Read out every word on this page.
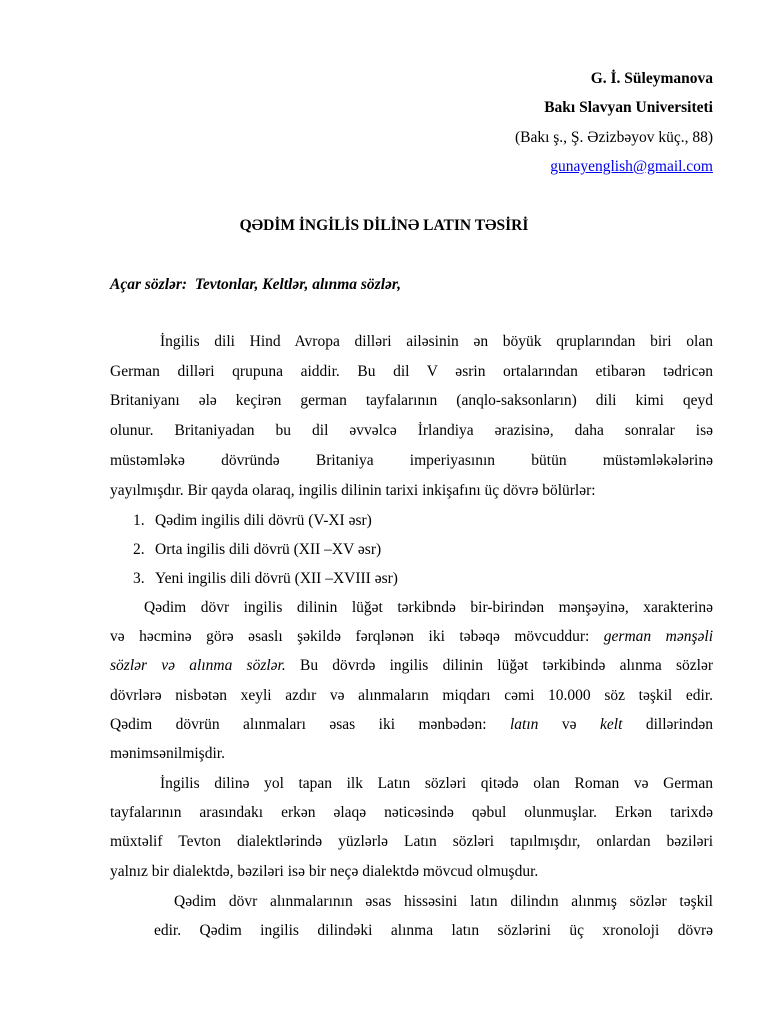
G. İ. Süleymanova

Bakı Slavyan Universiteti

(Bakı ş., Ş. Əzizbəyov küç., 88)

gunayenglish@gmail.com

QƏDİM İNGİLİS DİLİNƏ LATIN TƏSİRİ

Açar sözlər: Tevtonlar, Keltlər, alınma sözlər,

İngilis dili Hind Avropa dilləri ailəsinin ən böyük qruplarından biri olan

German dilləri qrupuna aiddir. Bu dil V əsrin ortalarından etibarən tədricən

Britaniyanı ələ keçirən german tayfalarının (anqlo-saksonların) dili kimi qeyd

olunur. Britaniyadan bu dil əvvəlcə İrlandiya ərazisinə, daha sonralar isə

müstəmləkə dövründə Britaniya imperiyasının bütün müstəmləkələrinə

yayılmışdır. Bir qayda olaraq, ingilis dilinin tarixi inkişafını üç dövrə bölürlər:

1. Qədim ingilis dili dövrü (V-XI əsr)

2. Orta ingilis dili dövrü (XII –XV əsr)

3. Yeni ingilis dili dövrü (XII –XVIII əsr)

Qədim dövr ingilis dilinin lüğət tərkibndə bir-birindən mənşəyinə, xarakterinə

və həcminə görə əsaslı şəkildə fərqlənən iki təbəqə mövcuddur: german mənşəli

sözlər və alınma sözlər. Bu dövrdə ingilis dilinin lüğət tərkibində alınma sözlər

dövrlərə nisbətən xeyli azdır və alınmaların miqdarı cəmi 10.000 söz təşkil edir.

Qədim dövrün alınmaları əsas iki mənbədən: latın və kelt dillərindən

mənimsənilmişdir.

İngilis dilinə yol tapan ilk Latın sözləri qitədə olan Roman və German

tayfalarının arasındakı erkən əlaqə nəticəsində qəbul olunmuşlar. Erkən tarixdə

müxtəlif Tevton dialektlərində yüzlərlə Latın sözləri tapılmışdır, onlardan bəziləri

yalnız bir dialektdə, bəziləri isə bir neçə dialektdə mövcud olmuşdur.

Qədim dövr alınmalarının əsas hissəsini latın dilindın alınmış sözlər təşkil

edir. Qədim ingilis dilindəki alınma latın sözlərini üç xronoloji dövrə
